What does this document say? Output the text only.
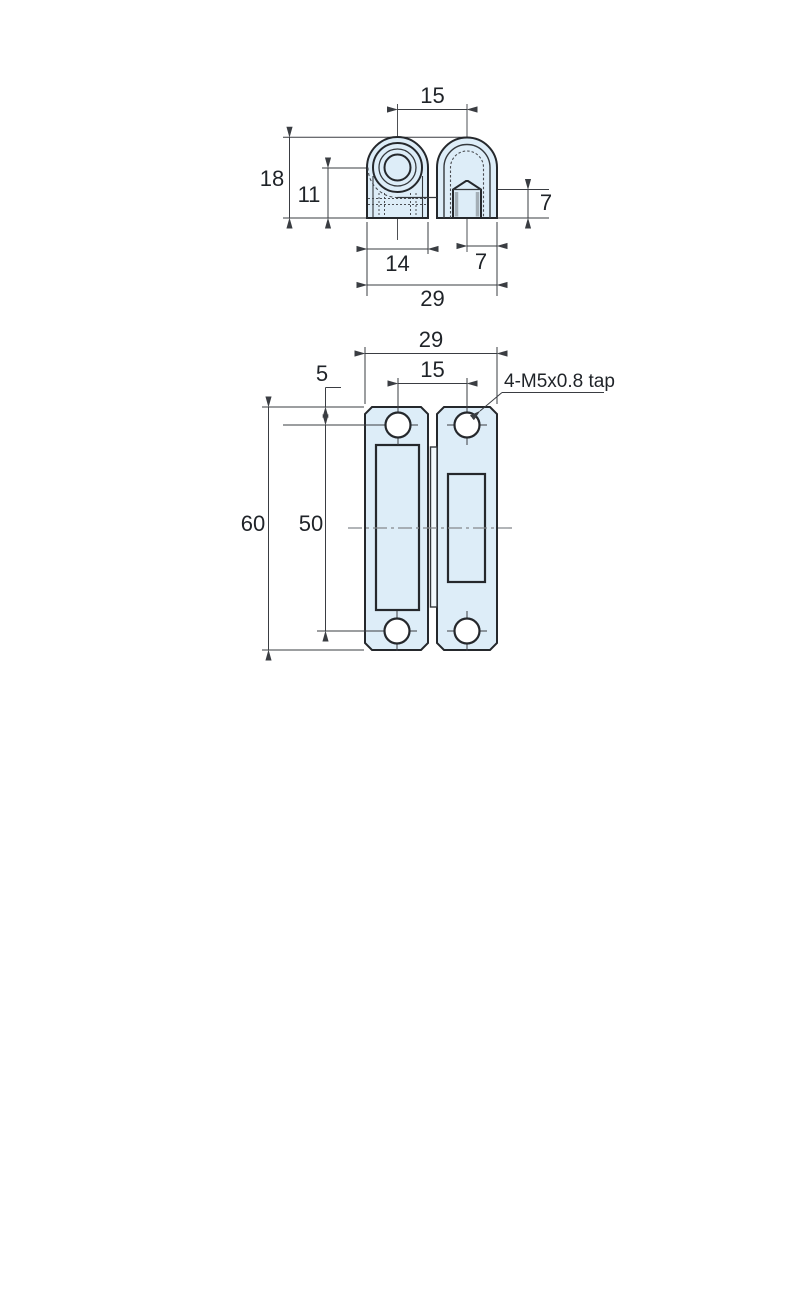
15
18
11	7
14	7
29
29
15
5
60 50
4-M5x0.8 tap
